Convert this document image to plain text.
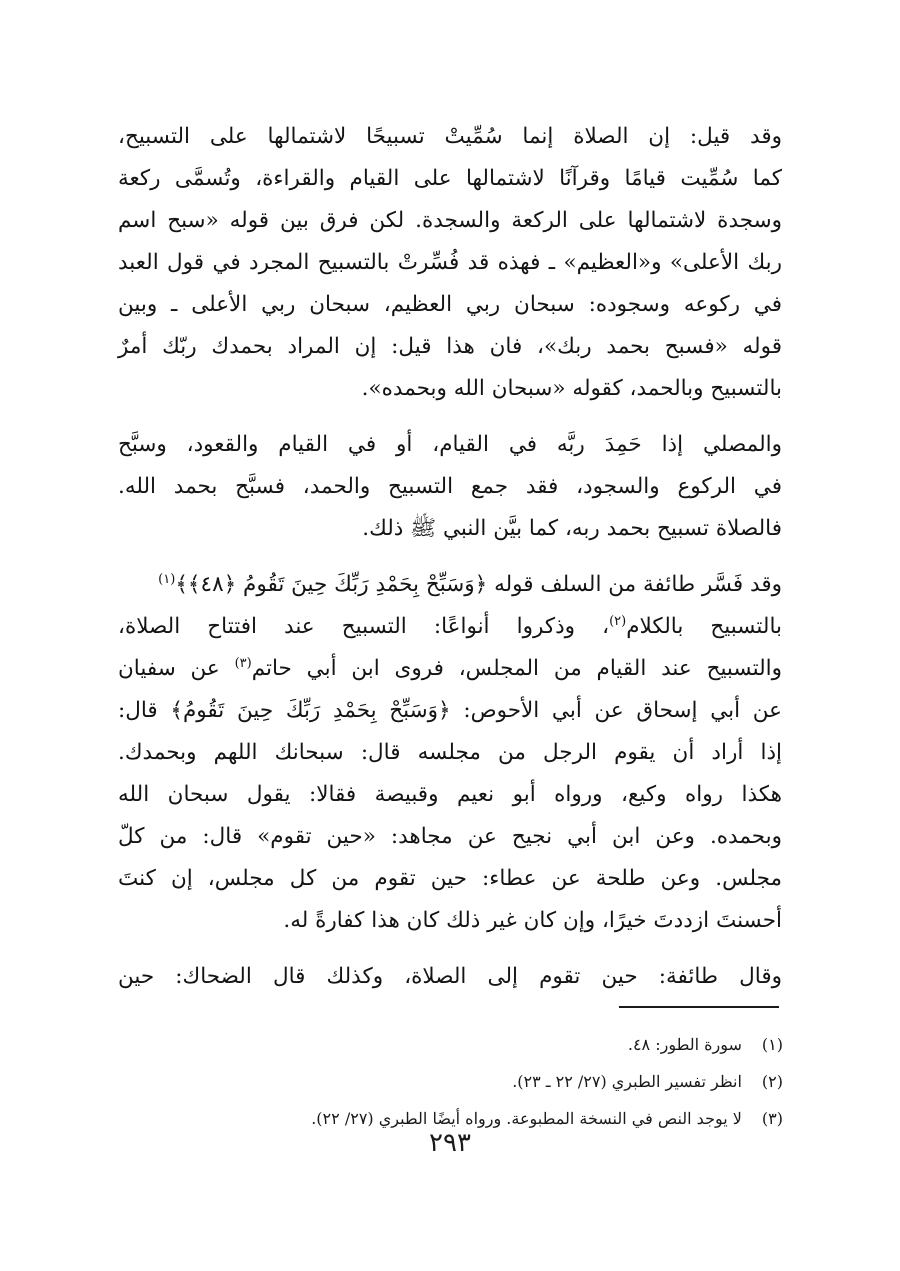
وقد قيل: إن الصلاة إنما سُمِّيتْ تسبيحًا لاشتمالها على التسبيح،
كما سُمِّيت قيامًا وقرآنًا لاشتمالها على القيام والقراءة، وتُسمَّى ركعة
وسجدة لاشتمالها على الركعة والسجدة. لكن فرق بين قوله «سبح اسم
ربك الأعلى» و«العظيم» ـ فهذه قد فُسِّرتْ بالتسبيح المجرد في قول العبد
في ركوعه وسجوده: سبحان ربي العظيم، سبحان ربي الأعلى ـ وبين
قوله «فسبح بحمد ربك»، فان هذا قيل: إن المراد بحمدك ربّك أمرٌ
بالتسبيح وبالحمد، كقوله «سبحان الله وبحمده».
والمصلي إذا حَمِدَ ربَّه في القيام، أو في القيام والقعود، وسبَّح
في الركوع والسجود، فقد جمع التسبيح والحمد، فسبَّح بحمد الله.
فالصلاة تسبيح بحمد ربه، كما بيَّن النبي ﷺ ذلك.
وقد فَسَّر طائفة من السلف قوله ﴿وَسَبِّحْ بِحَمْدِ رَبِّكَ حِينَ تَقُومُ ﴿٤٨﴾﴾$^{(١)}$
بالتسبيح بالكلام$^{(٢)}$، وذكروا أنواعًا: التسبيح عند افتتاح الصلاة،
والتسبيح عند القيام من المجلس، فروى ابن أبي حاتم$^{(٣)}$ عن سفيان
عن أبي إسحاق عن أبي الأحوص: ﴿وَسَبِّحْ بِحَمْدِ رَبِّكَ حِينَ تَقُومُ﴾ قال:
إذا أراد أن يقوم الرجل من مجلسه قال: سبحانك اللهم وبحمدك.
هكذا رواه وكيع، ورواه أبو نعيم وقبيصة فقالا: يقول سبحان الله
وبحمده. وعن ابن أبي نجيح عن مجاهد: «حين تقوم» قال: من كلّ
مجلس. وعن طلحة عن عطاء: حين تقوم من كل مجلس، إن كنتَ
أحسنتَ ازددتَ خيرًا، وإن كان غير ذلك كان هذا كفارةً له.
وقال طائفة: حين تقوم إلى الصلاة، وكذلك قال الضحاك: حين
(١) سورة الطور: ٤٨.
(٢) انظر تفسير الطبري (٢٧/ ٢٢ ـ ٢٣).
(٣) لا يوجد النص في النسخة المطبوعة. ورواه أيضًا الطبري (٢٧/ ٢٢).
٢٩٣
